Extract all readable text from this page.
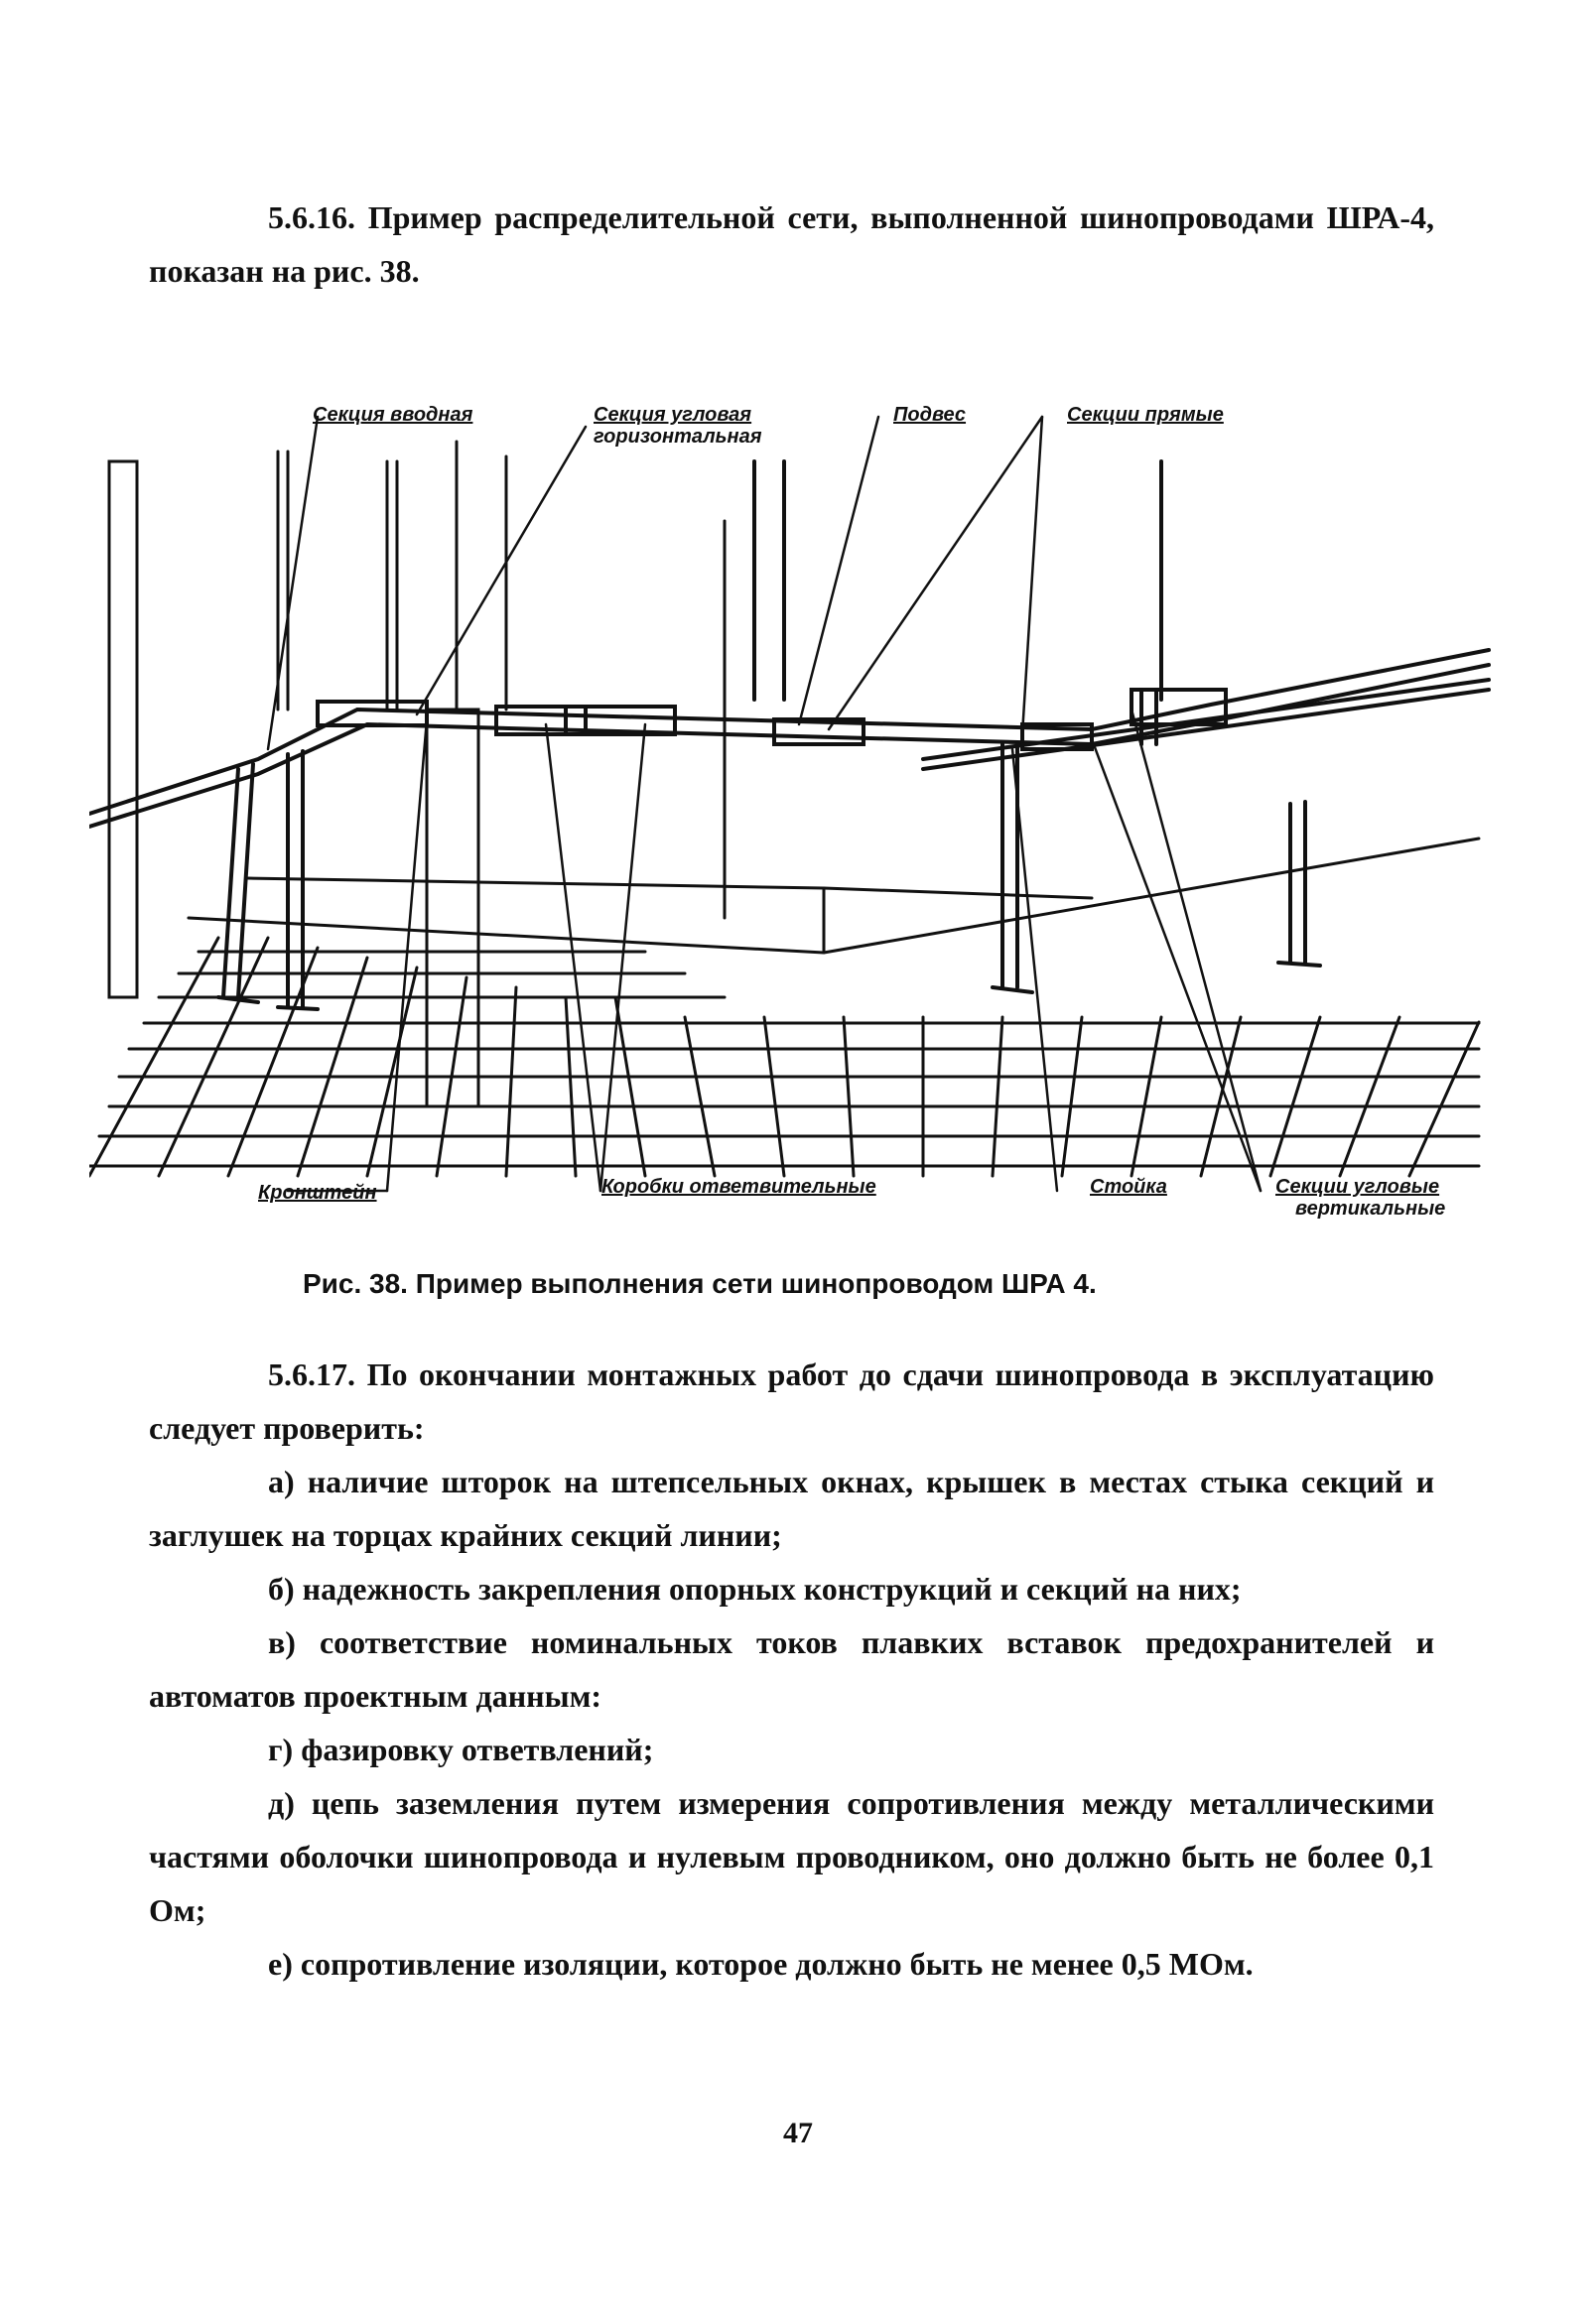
5.6.16. Пример распределительной сети, выполненной шинопроводами ШРА-4, показан на рис. 38.

Секция вводная	Секция угловая
горизонтальная
Подвес	Секции прямые
Кронштейн	Коробки ответвительные	Стойка	Секции угловые
вертикальные
Рис. 38. Пример выполнения сети шинопроводом ШРА 4.

5.6.17. По окончании монтажных работ до сдачи шинопровода в эксплуатацию следует проверить:

а) наличие шторок на штепсельных окнах, крышек в местах стыка секций и заглушек на торцах крайних секций линии;

б) надежность закрепления опорных конструкций и секций на них;

в) соответствие номинальных токов плавких вставок предохранителей и автоматов проектным данным:

г) фазировку ответвлений;

д) цепь заземления путем измерения сопротивления между металлическими частями оболочки шинопровода и нулевым проводником, оно должно быть не более 0,1 Ом;

е) сопротивление изоляции, которое должно быть не менее 0,5 МОм.

47
